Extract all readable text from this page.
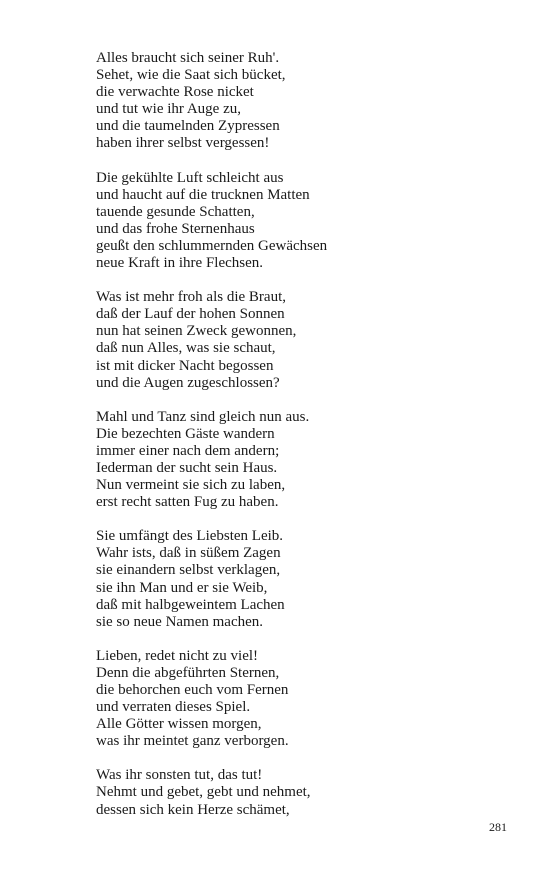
Alles braucht sich seiner Ruh'.
Sehet, wie die Saat sich bücket,
die verwachte Rose nicket
und tut wie ihr Auge zu,
und die taumelnden Zypressen
haben ihrer selbst vergessen!
Die gekühlte Luft schleicht aus
und haucht auf die trucknen Matten
tauende gesunde Schatten,
und das frohe Sternenhaus
geußt den schlummernden Gewächsen
neue Kraft in ihre Flechsen.
Was ist mehr froh als die Braut,
daß der Lauf der hohen Sonnen
nun hat seinen Zweck gewonnen,
daß nun Alles, was sie schaut,
ist mit dicker Nacht begossen
und die Augen zugeschlossen?
Mahl und Tanz sind gleich nun aus.
Die bezechten Gäste wandern
immer einer nach dem andern;
Iederman der sucht sein Haus.
Nun vermeint sie sich zu laben,
erst recht satten Fug zu haben.
Sie umfängt des Liebsten Leib.
Wahr ists, daß in süßem Zagen
sie einandern selbst verklagen,
sie ihn Man und er sie Weib,
daß mit halbgeweintem Lachen
sie so neue Namen machen.
Lieben, redet nicht zu viel!
Denn die abgeführten Sternen,
die behorchen euch vom Fernen
und verraten dieses Spiel.
Alle Götter wissen morgen,
was ihr meintet ganz verborgen.
Was ihr sonsten tut, das tut!
Nehmt und gebet, gebt und nehmet,
dessen sich kein Herze schämet,
281
